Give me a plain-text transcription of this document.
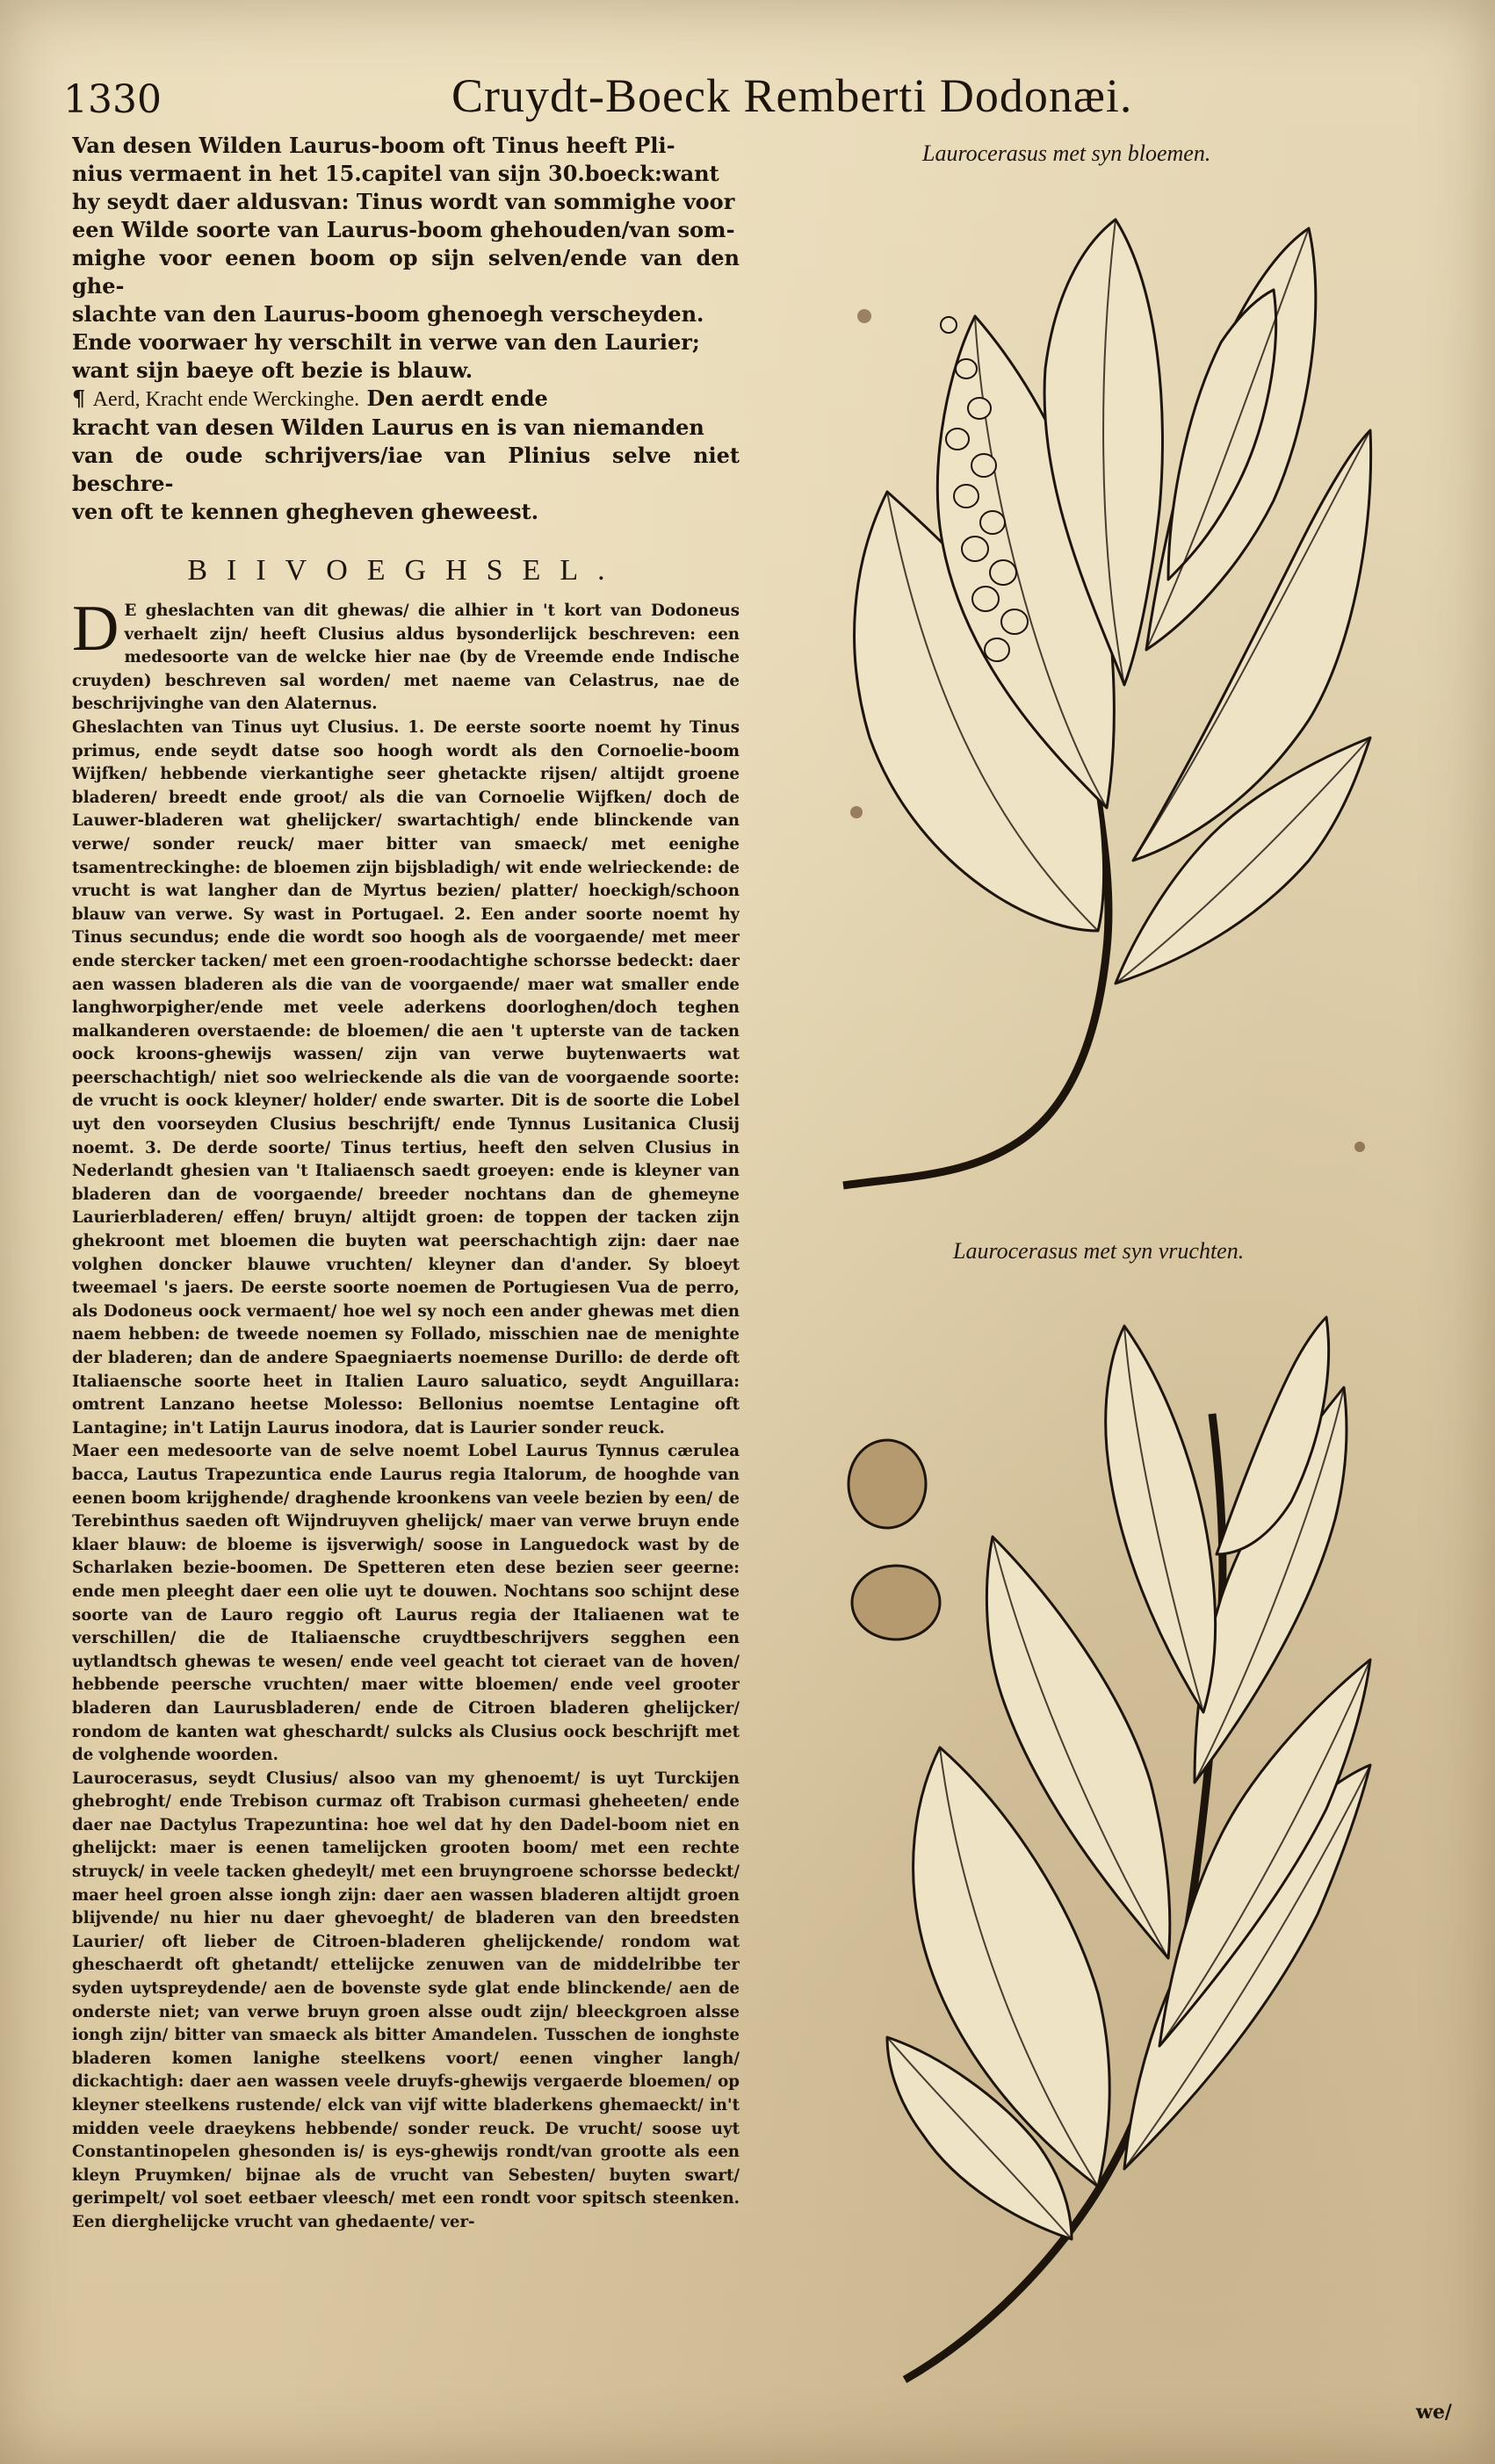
1330	Cruydt-Boeck Remberti Dodonæi.

Van desen Wilden Laurus-boom oft Tinus heeft Pli-
nius vermaent in het 15.capitel van sijn 30.boeck:want
hy seydt daer aldusvan: Tinus wordt van sommighe voor
een Wilde soorte van Laurus-boom ghehouden/van som-
mighe voor eenen boom op sijn selven/ende van den ghe-
slachte van den Laurus-boom ghenoegh verscheyden.
Ende voorwaer hy verschilt in verwe van den Laurier;
want sijn baeye oft bezie is blauw.

¶ Aerd, Kracht ende Werckinghe. Den aerdt ende
kracht van desen Wilden Laurus en is van niemanden
van de oude schrijvers/iae van Plinius selve niet beschre-
ven oft te kennen ghegheven gheweest.

BIIVOEGHSEL.

D E gheslachten van dit ghewas/ die alhier in 't kort van Dodoneus verhaelt zijn/ heeft Clusius aldus bysonderlijck beschreven: een medesoorte van de welcke hier nae (by de Vreemde ende Indische cruyden) beschreven sal worden/ met naeme van Celastrus, nae de beschrijvinghe van den Alaternus.

Gheslachten van Tinus uyt Clusius. 1. De eerste soorte noemt hy Tinus primus, ende seydt datse soo hoogh wordt als den Cornoelie-boom Wijfken/ hebbende vierkantighe seer ghetackte rijsen/ altijdt groene bladeren/ breedt ende groot/ als die van Cornoelie Wijfken/ doch de Lauwer-bladeren wat ghelijcker/ swartachtigh/ ende blinckende van verwe/ sonder reuck/ maer bitter van smaeck/ met eenighe tsamentreckinghe: de bloemen zijn bijsbladigh/ wit ende welrieckende: de vrucht is wat langher dan de Myrtus bezien/ platter/ hoeckigh/schoon blauw van verwe. Sy wast in Portugael. 2. Een ander soorte noemt hy Tinus secundus; ende die wordt soo hoogh als de voorgaende/ met meer ende stercker tacken/ met een groen-roodachtighe schorsse bedeckt: daer aen wassen bladeren als die van de voorgaende/ maer wat smaller ende langhworpigher/ende met veele aderkens doorloghen/doch teghen malkanderen overstaende: de bloemen/ die aen 't upterste van de tacken oock kroons-ghewijs wassen/ zijn van verwe buytenwaerts wat peerschachtigh/ niet soo welrieckende als die van de voorgaende soorte: de vrucht is oock kleyner/ holder/ ende swarter. Dit is de soorte die Lobel uyt den voorseyden Clusius beschrijft/ ende Tynnus Lusitanica Clusij noemt. 3. De derde soorte/ Tinus tertius, heeft den selven Clusius in Nederlandt ghesien van 't Italiaensch saedt groeyen: ende is kleyner van bladeren dan de voorgaende/ breeder nochtans dan de ghemeyne Laurierbladeren/ effen/ bruyn/ altijdt groen: de toppen der tacken zijn ghekroont met bloemen die buyten wat peerschachtigh zijn: daer nae volghen doncker blauwe vruchten/ kleyner dan d'ander. Sy bloeyt tweemael 's jaers. De eerste soorte noemen de Portugiesen Vua de perro, als Dodoneus oock vermaent/ hoe wel sy noch een ander ghewas met dien naem hebben: de tweede noemen sy Follado, misschien nae de menighte der bladeren; dan de andere Spaegniaerts noemense Durillo: de derde oft Italiaensche soorte heet in Italien Lauro saluatico, seydt Anguillara: omtrent Lanzano heetse Molesso: Bellonius noemtse Lentagine oft Lantagine; in't Latijn Laurus inodora, dat is Laurier sonder reuck.

Maer een medesoorte van de selve noemt Lobel Laurus Tynnus cærulea bacca, Lautus Trapezuntica ende Laurus regia Italorum, de hooghde van eenen boom krijghende/ draghende kroonkens van veele bezien by een/ de Terebinthus saeden oft Wijndruyven ghelijck/ maer van verwe bruyn ende klaer blauw: de bloeme is ijsverwigh/ soose in Languedock wast by de Scharlaken bezie-boomen. De Spetteren eten dese bezien seer geerne: ende men pleeght daer een olie uyt te douwen. Nochtans soo schijnt dese soorte van de Lauro reggio oft Laurus regia der Italiaenen wat te verschillen/ die de Italiaensche cruydtbeschrijvers segghen een uytlandtsch ghewas te wesen/ ende veel geacht tot cieraet van de hoven/ hebbende peersche vruchten/ maer witte bloemen/ ende veel grooter bladeren dan Laurusbladeren/ ende de Citroen bladeren ghelijcker/ rondom de kanten wat gheschardt/ sulcks als Clusius oock beschrijft met de volghende woorden.

Laurocerasus, seydt Clusius/ alsoo van my ghenoemt/ is uyt Turckijen ghebroght/ ende Trebison curmaz oft Trabison curmasi gheheeten/ ende daer nae Dactylus Trapezuntina: hoe wel dat hy den Dadel-boom niet en ghelijckt: maer is eenen tamelijcken grooten boom/ met een rechte struyck/ in veele tacken ghedeylt/ met een bruyngroene schorsse bedeckt/ maer heel groen alsse iongh zijn: daer aen wassen bladeren altijdt groen blijvende/ nu hier nu daer ghevoeght/ de bladeren van den breedsten Laurier/ oft lieber de Citroen-bladeren ghelijckende/ rondom wat gheschaerdt oft ghetandt/ ettelijcke zenuwen van de middelribbe ter syden uytspreydende/ aen de bovenste syde glat ende blinckende/ aen de onderste niet; van verwe bruyn groen alsse oudt zijn/ bleeckgroen alsse iongh zijn/ bitter van smaeck als bitter Amandelen. Tusschen de ionghste bladeren komen lanighe steelkens voort/ eenen vingher langh/ dickachtigh: daer aen wassen veele druyfs-ghewijs vergaerde bloemen/ op kleyner steelkens rustende/ elck van vijf witte bladerkens ghemaeckt/ in't midden veele draeykens hebbende/ sonder reuck. De vrucht/ soose uyt Constantinopelen ghesonden is/ is eys-ghewijs rondt/van grootte als een kleyn Pruymken/ bijnae als de vrucht van Sebesten/ buyten swart/ gerimpelt/ vol soet eetbaer vleesch/ met een rondt voor spitsch steenken. Een dierghelijcke vrucht van ghedaente/ ver-

Laurocerasus met syn bloemen.
Laurocerasus met syn vruchten.
we/
